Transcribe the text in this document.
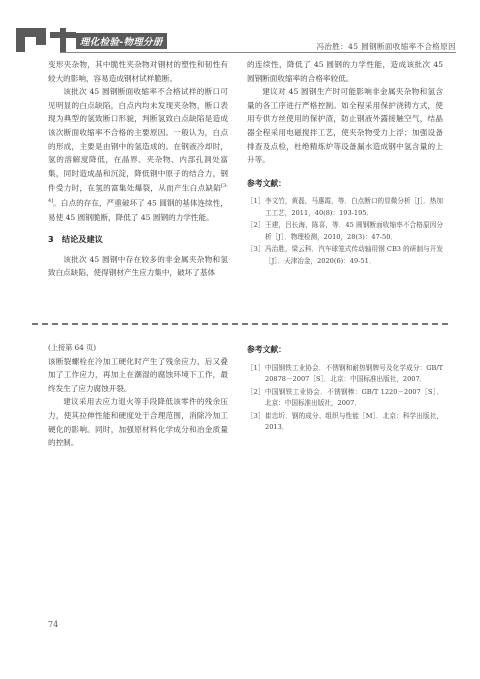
理化检验-物理分册	冯治胜：45 圆钢断面收缩率不合格原因

变形夹杂物，其中脆性夹杂物对钢材的塑性和韧性有较大的影响，容易造成钢材试样脆断。

该批次 45 圆钢断面收缩率不合格试样的断口可见明显的白点缺陷，白点内均未发现夹杂物，断口表现为典型的氢致断口形貌，判断氢致白点缺陷是造成该次断面收缩率不合格的主要原因。一般认为，白点的形成，主要是由钢中的氢造成的。在钢液冷却时，氢的溶解度降低，在晶界、夹杂物、内部孔洞处富集，同时造成晶和沉淀，降低钢中原子的结合力，钢件受力时，在氢的富集处爆裂，从而产生白点缺陷[3-4]。白点的存在，严重破坏了 45 圆钢的基体连续性，易使 45 圆钢脆断，降低了 45 圆钢的力学性能。

3　结论及建议

该批次 45 圆钢中存在较多的非金属夹杂物和氢致白点缺陷，使得钢材产生应力集中，破坏了基体

的连续性，降低了 45 圆钢的力学性能，造成该批次 45 圆钢断面收缩率的合格率较低。

建议对 45 圆钢生产时可能影响非金属夹杂物和氢含量的各工序进行严格控制。如全程采用保护浇铸方式，使用专供方丝使用的保护渣，防止钢液外露接触空气，结晶器全程采用电磁搅拌工艺，使夹杂物受力上浮；加强设备排查及点检，杜绝精炼炉等设备漏水造成钢中氢含量的上升等。

参考文献：
［1］ 李文竹，黄磊，马惠霞，等．白点断口的显微分析［J］．热加工工艺，2011，40(8)：193-195．
［2］ 王建，吕长海，陈喜，等．45 圆钢断面收缩率不合格原因分析［J］．物理检测，2010，28(3)：47-50．
［3］ 冯治胜，梁云科．汽车球笼式传动轴用钢 CB3 的研制与开发［J］．天津冶金，2020(6)：49-51．

(上接第 64 页)

该断裂螺栓在冷加工硬化时产生了残余应力，后又叠加了工作应力，再加上在潮湿的腐蚀环境下工作，最终发生了应力腐蚀开裂。

建议采用去应力退火等手段降低该零件的残余压力，使其拉伸性能和硬度处于合理范围，消除冷加工硬化的影响。同时，加强原材料化学成分和冶金质量的控制。

参考文献：
［1］ 中国钢铁工业协会．不锈钢和耐热钢牌号及化学成分：GB/T 20878－2007［S］．北京：中国标准出版社，2007．
［2］ 中国钢铁工业协会．不锈钢棒：GB/T 1220－2007［S］．北京：中国标准出版社，2007．
［3］ 崔忠圻．钢的成分、组织与性能［M］．北京：科学出版社，2013．
74
